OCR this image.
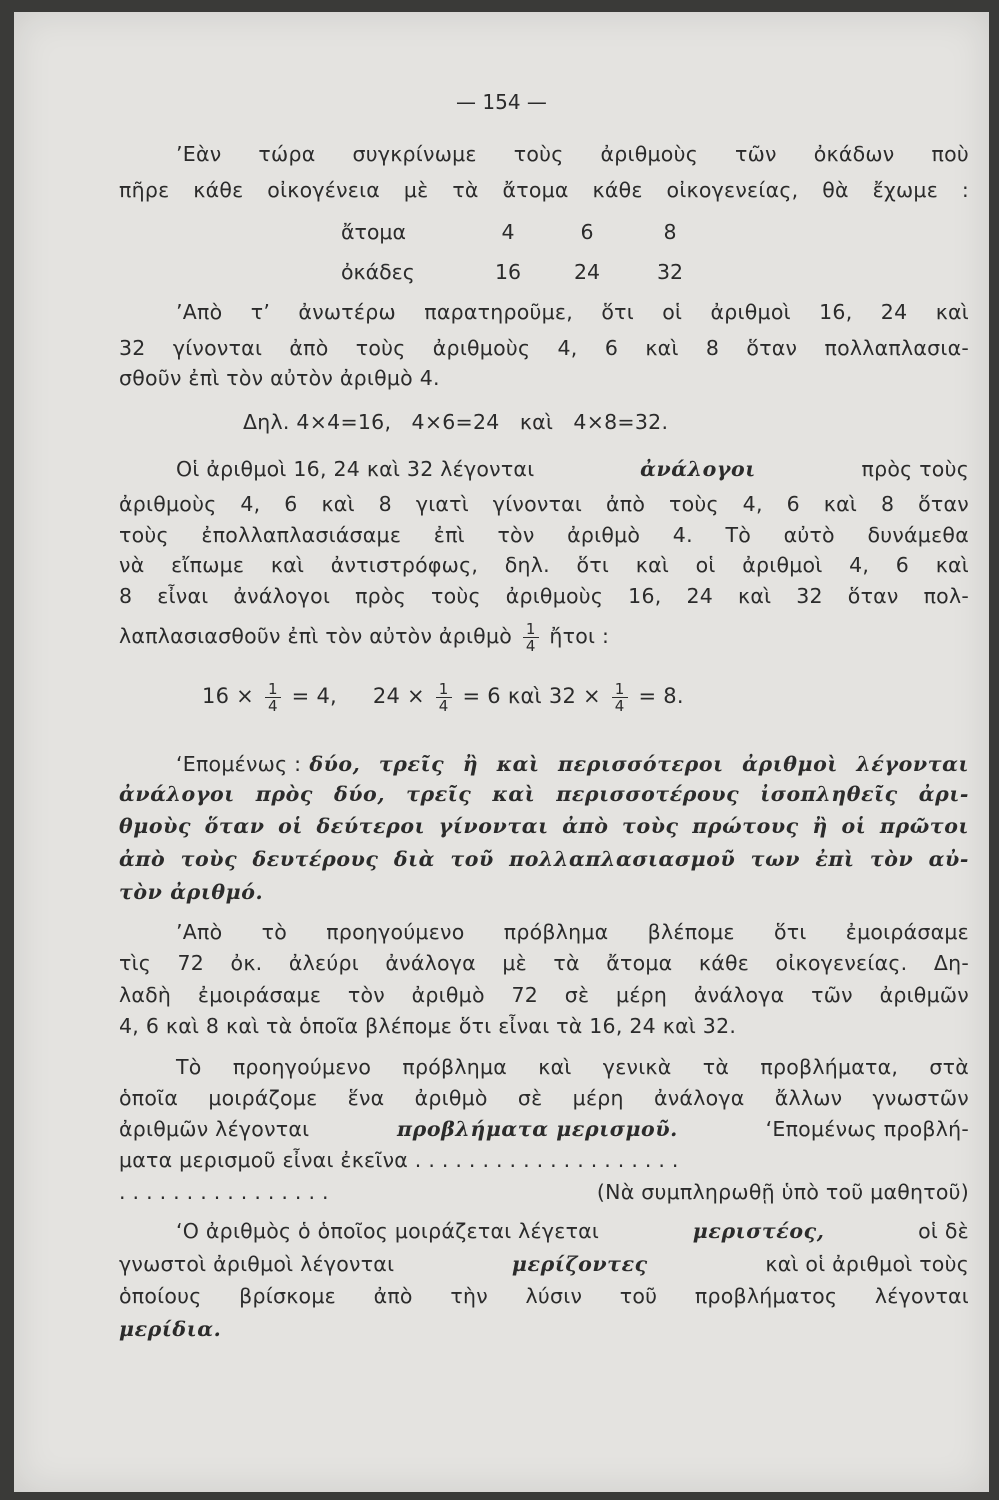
— 154 —
’Εὰν τώρα συγκρίνωμε τοὺς ἀριθμοὺς τῶν ὀκάδων ποὺ
πῆρε κάθε οἰκογένεια μὲ τὰ ἄτομα κάθε οἰκογενείας, θὰ ἔχωμε :
ἄτομα	4	6	8
ὀκάδες	16	24	32
’Απὸ τ’ ἀνωτέρω παρατηροῦμε, ὅτι οἱ ἀριθμοὶ 16, 24 καὶ
32 γίνονται ἀπὸ τοὺς ἀριθμοὺς 4, 6 καὶ 8 ὅταν πολλαπλασια-
σθοῦν ἐπὶ τὸν αὐτὸν ἀριθμὸ 4.
Δηλ. 4×4=16,   4×6=24   καὶ   4×8=32.
Οἱ ἀριθμοὶ 16, 24 καὶ 32 λέγονται	ἀνάλογοι	πρὸς τοὺς
ἀριθμοὺς 4, 6 καὶ 8 γιατὶ γίνονται ἀπὸ τοὺς 4, 6 καὶ 8 ὅταν
τοὺς ἐπολλαπλασιάσαμε ἐπὶ τὸν ἀριθμὸ 4. Τὸ αὐτὸ δυνάμεθα
νὰ εἴπωμε καὶ ἀντιστρόφως, δηλ. ὅτι καὶ οἱ ἀριθμοὶ 4, 6 καὶ
8 εἶναι ἀνάλογοι πρὸς τοὺς ἀριθμοὺς 16, 24 καὶ 32 ὅταν πολ-
λαπλασιασθοῦν ἐπὶ τὸν αὐτὸν ἀριθμὸ $\frac{1}{4}$ ἤτοι :
$16 \times \frac{1}{4} = 4$, $24 \times \frac{1}{4} = 6$ καὶ $32 \times \frac{1}{4} = 8$.
‘Επομένως : δύο, τρεῖς ἢ καὶ περισσότεροι ἀριθμοὶ λέγονται
ἀνάλογοι πρὸς δύο, τρεῖς καὶ περισσοτέρους ἰσοπληθεῖς ἀρι-
θμοὺς ὅταν οἱ δεύτεροι γίνονται ἀπὸ τοὺς πρώτους ἢ οἱ πρῶτοι
ἀπὸ τοὺς δευτέρους διὰ τοῦ πολλαπλασιασμοῦ των ἐπὶ τὸν αὐ-
τὸν ἀριθμό.
’Απὸ τὸ προηγούμενο πρόβλημα βλέπομε ὅτι ἐμοιράσαμε
τὶς 72 ὀκ. ἀλεύρι ἀνάλογα μὲ τὰ ἄτομα κάθε οἰκογενείας. Δη-
λαδὴ ἐμοιράσαμε τὸν ἀριθμὸ 72 σὲ μέρη ἀνάλογα τῶν ἀριθμῶν
4, 6 καὶ 8 καὶ τὰ ὁποῖα βλέπομε ὅτι εἶναι τὰ 16, 24 καὶ 32.
Τὸ προηγούμενο πρόβλημα καὶ γενικὰ τὰ προβλήματα, στὰ
ὁποῖα μοιράζομε ἕνα ἀριθμὸ σὲ μέρη ἀνάλογα ἄλλων γνωστῶν
ἀριθμῶν λέγονται	προβλήματα μερισμοῦ.	‘Επομένως προβλή-
ματα μερισμοῦ εἶναι ἐκεῖνα . . . . . . . . . . . . . . . . . . . .
. . . . . . . . . . . . . . . .	(Νὰ συμπληρωθῇ ὑπὸ τοῦ μαθητοῦ)
‘Ο ἀριθμὸς ὁ ὁποῖος μοιράζεται λέγεται	μεριστέος,	οἱ δὲ
γνωστοὶ ἀριθμοὶ λέγονται	μερίζοντες	καὶ οἱ ἀριθμοὶ τοὺς
ὁποίους βρίσκομε ἀπὸ τὴν λύσιν τοῦ προβλήματος λέγονται
μερίδια.
